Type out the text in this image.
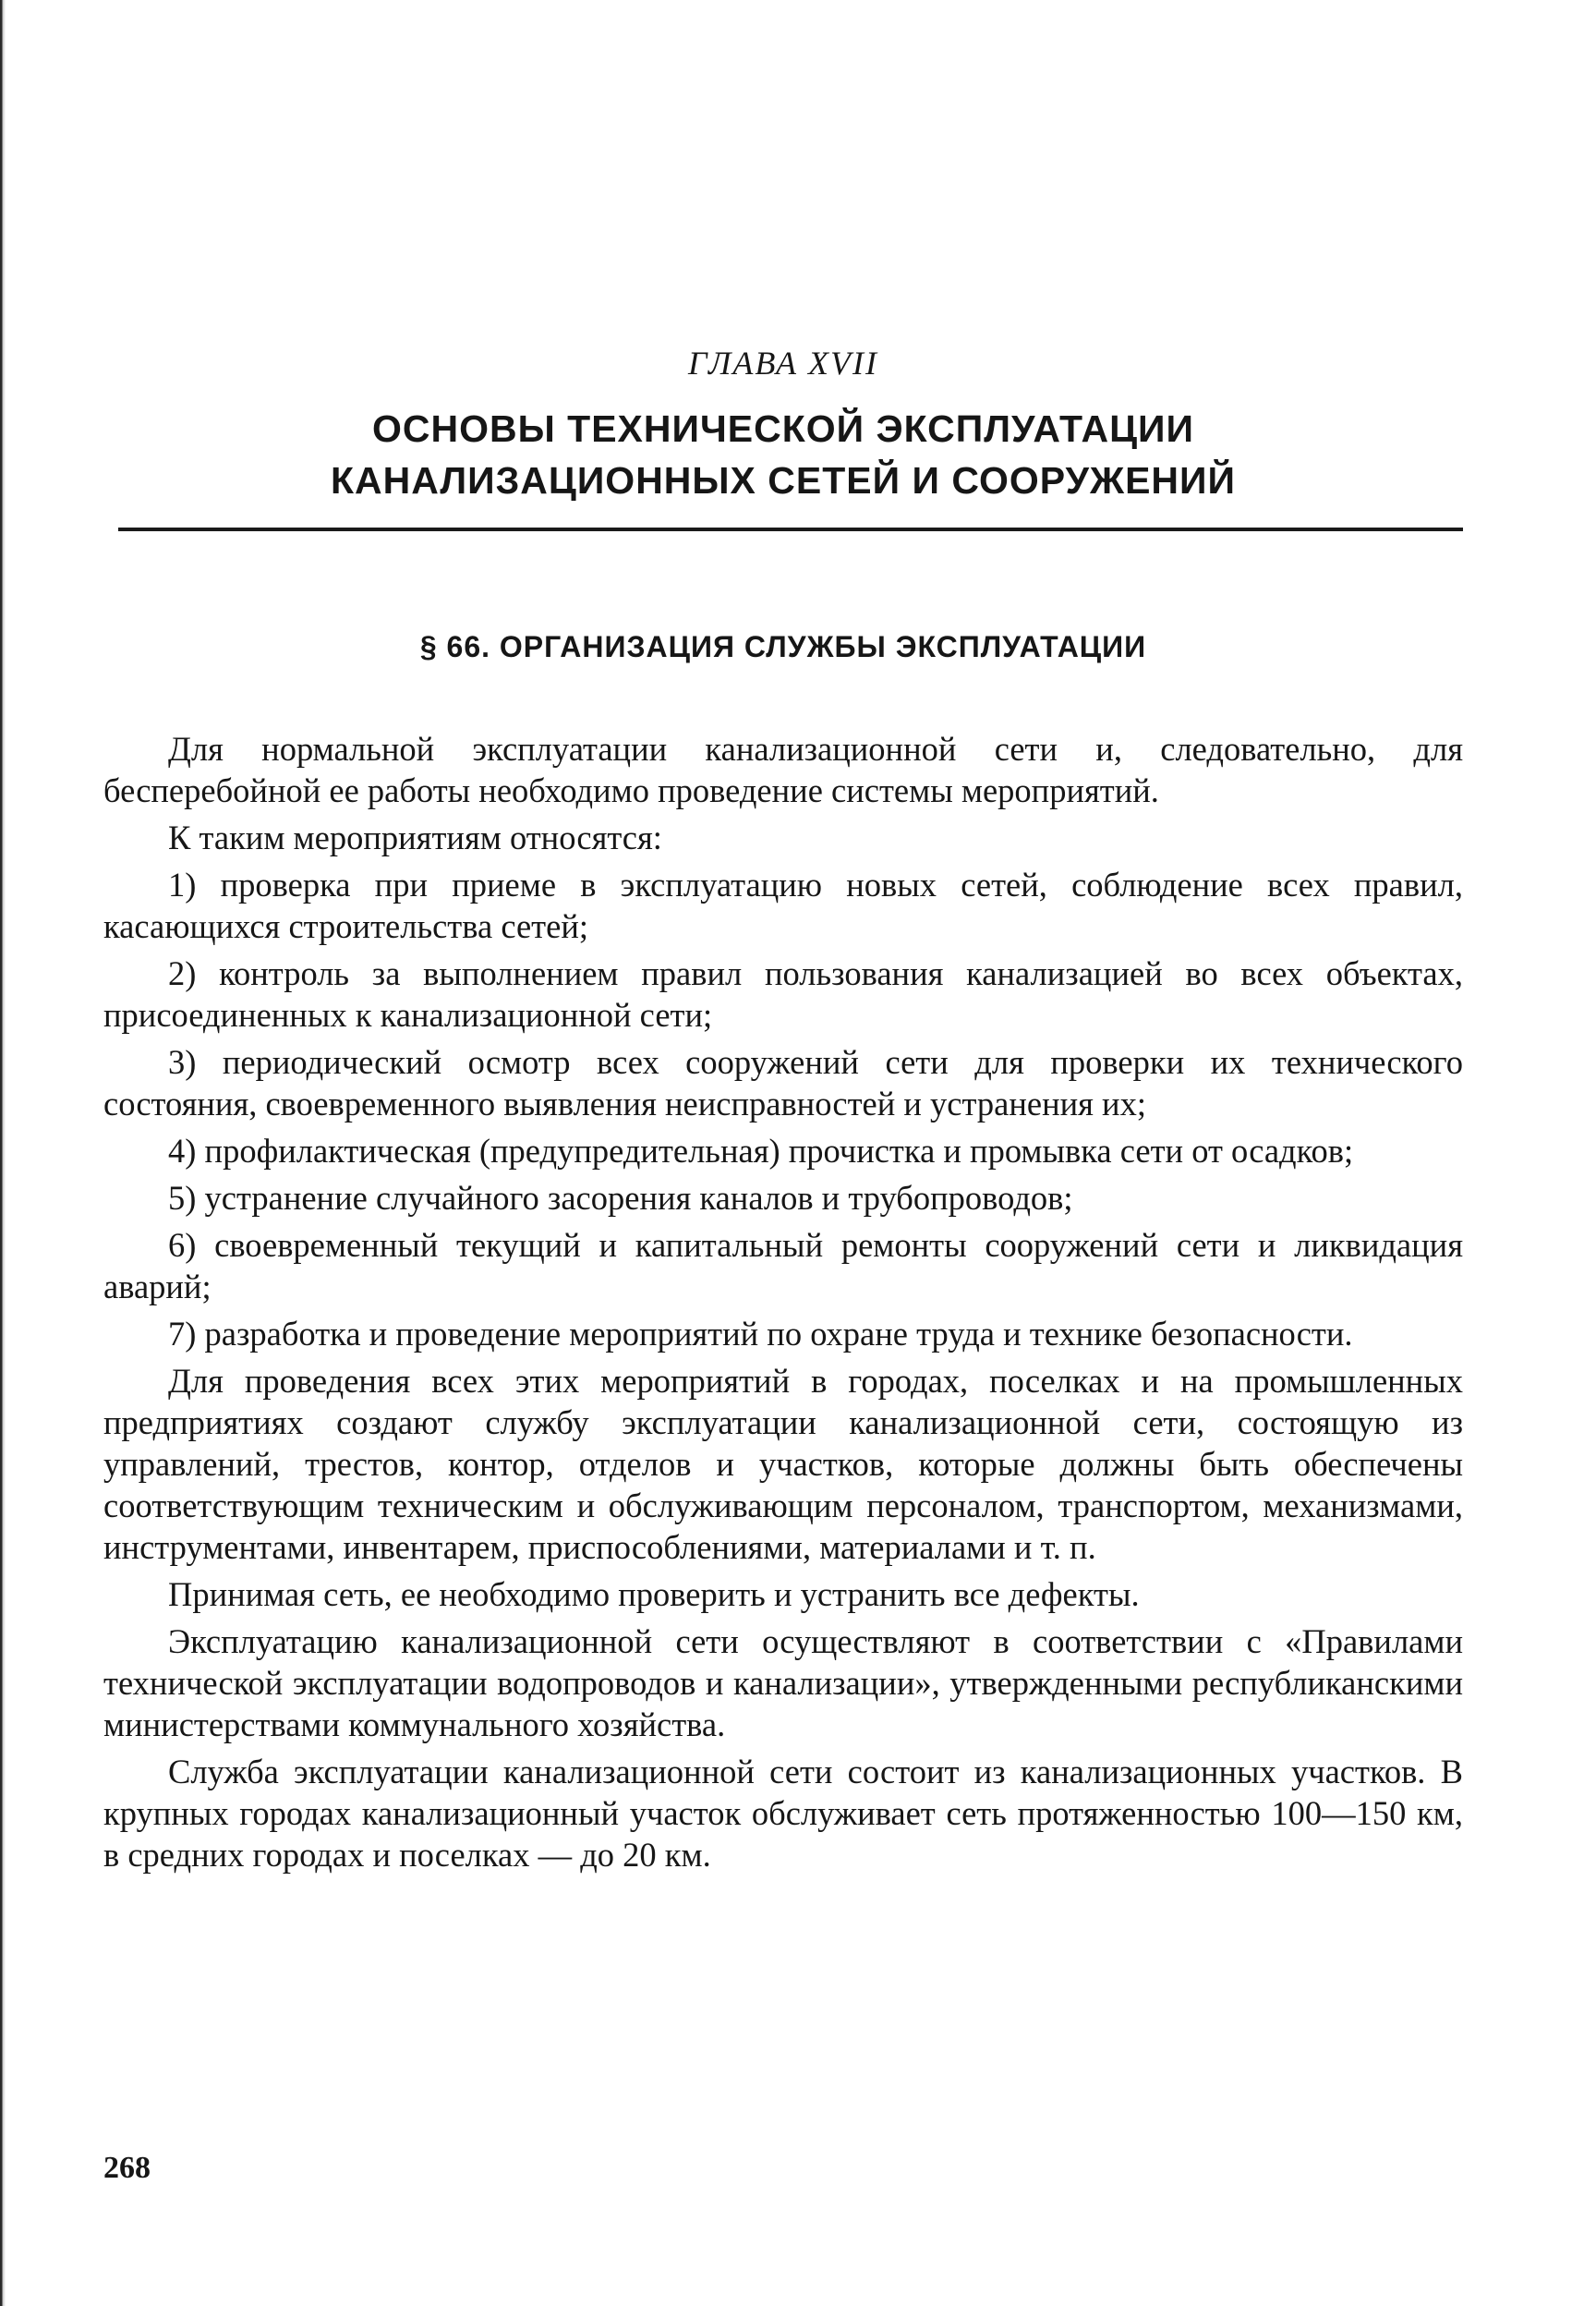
ГЛАВА XVII
ОСНОВЫ ТЕХНИЧЕСКОЙ ЭКСПЛУАТАЦИИ
КАНАЛИЗАЦИОННЫХ СЕТЕЙ И СООРУЖЕНИЙ
§ 66. ОРГАНИЗАЦИЯ СЛУЖБЫ ЭКСПЛУАТАЦИИ

Для нормальной эксплуатации канализационной сети и, следовательно, для бесперебойной ее работы необходимо проведение системы мероприятий.

К таким мероприятиям относятся:

1) проверка при приеме в эксплуатацию новых сетей, соблюдение всех правил, касающихся строительства сетей;

2) контроль за выполнением правил пользования канализацией во всех объектах, присоединенных к канализационной сети;

3) периодический осмотр всех сооружений сети для проверки их технического состояния, своевременного выявления неисправностей и устранения их;

4) профилактическая (предупредительная) прочистка и промывка сети от осадков;

5) устранение случайного засорения каналов и трубопроводов;

6) своевременный текущий и капитальный ремонты сооружений сети и ликвидация аварий;

7) разработка и проведение мероприятий по охране труда и технике безопасности.

Для проведения всех этих мероприятий в городах, поселках и на промышленных предприятиях создают службу эксплуатации канализационной сети, состоящую из управлений, трестов, контор, отделов и участков, которые должны быть обеспечены соответствующим техническим и обслуживающим персоналом, транспортом, механизмами, инструментами, инвентарем, приспособлениями, материалами и т. п.

Принимая сеть, ее необходимо проверить и устранить все дефекты.

Эксплуатацию канализационной сети осуществляют в соответствии с «Правилами технической эксплуатации водопроводов и канализации», утвержденными республиканскими министерствами коммунального хозяйства.

Служба эксплуатации канализационной сети состоит из канализационных участков. В крупных городах канализационный участок обслуживает сеть протяженностью 100—150 км, в средних городах и поселках — до 20 км.

268
